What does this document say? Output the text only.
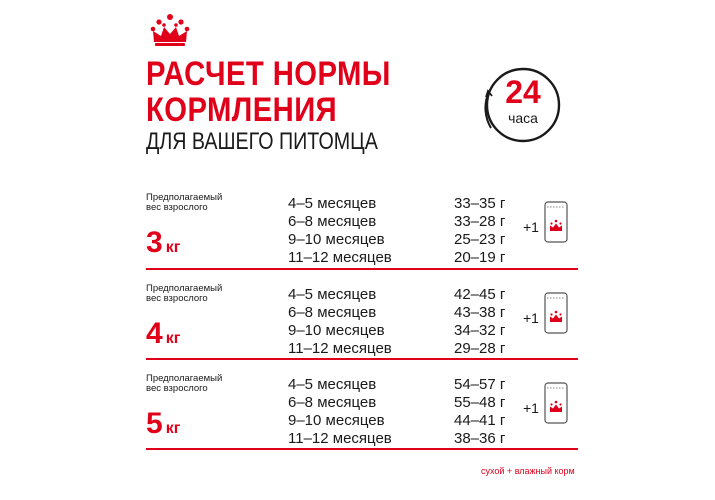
РАСЧЕТ НОРМЫ
КОРМЛЕНИЯ
ДЛЯ ВАШЕГО ПИТОМЦА
24
часа
Предполагаемый
вес взрослого
3 кг
4–5 месяцев	33–35 г
6–8 месяцев	33–28 г
9–10 месяцев	25–23 г
11–12 месяцев	20–19 г
+1
Предполагаемый
вес взрослого
4 кг
4–5 месяцев	42–45 г
6–8 месяцев	43–38 г
9–10 месяцев	34–32 г
11–12 месяцев	29–28 г
+1
Предполагаемый
вес взрослого
5 кг
4–5 месяцев	54–57 г
6–8 месяцев	55–48 г
9–10 месяцев	44–41 г
11–12 месяцев	38–36 г
+1
сухой + влажный корм
